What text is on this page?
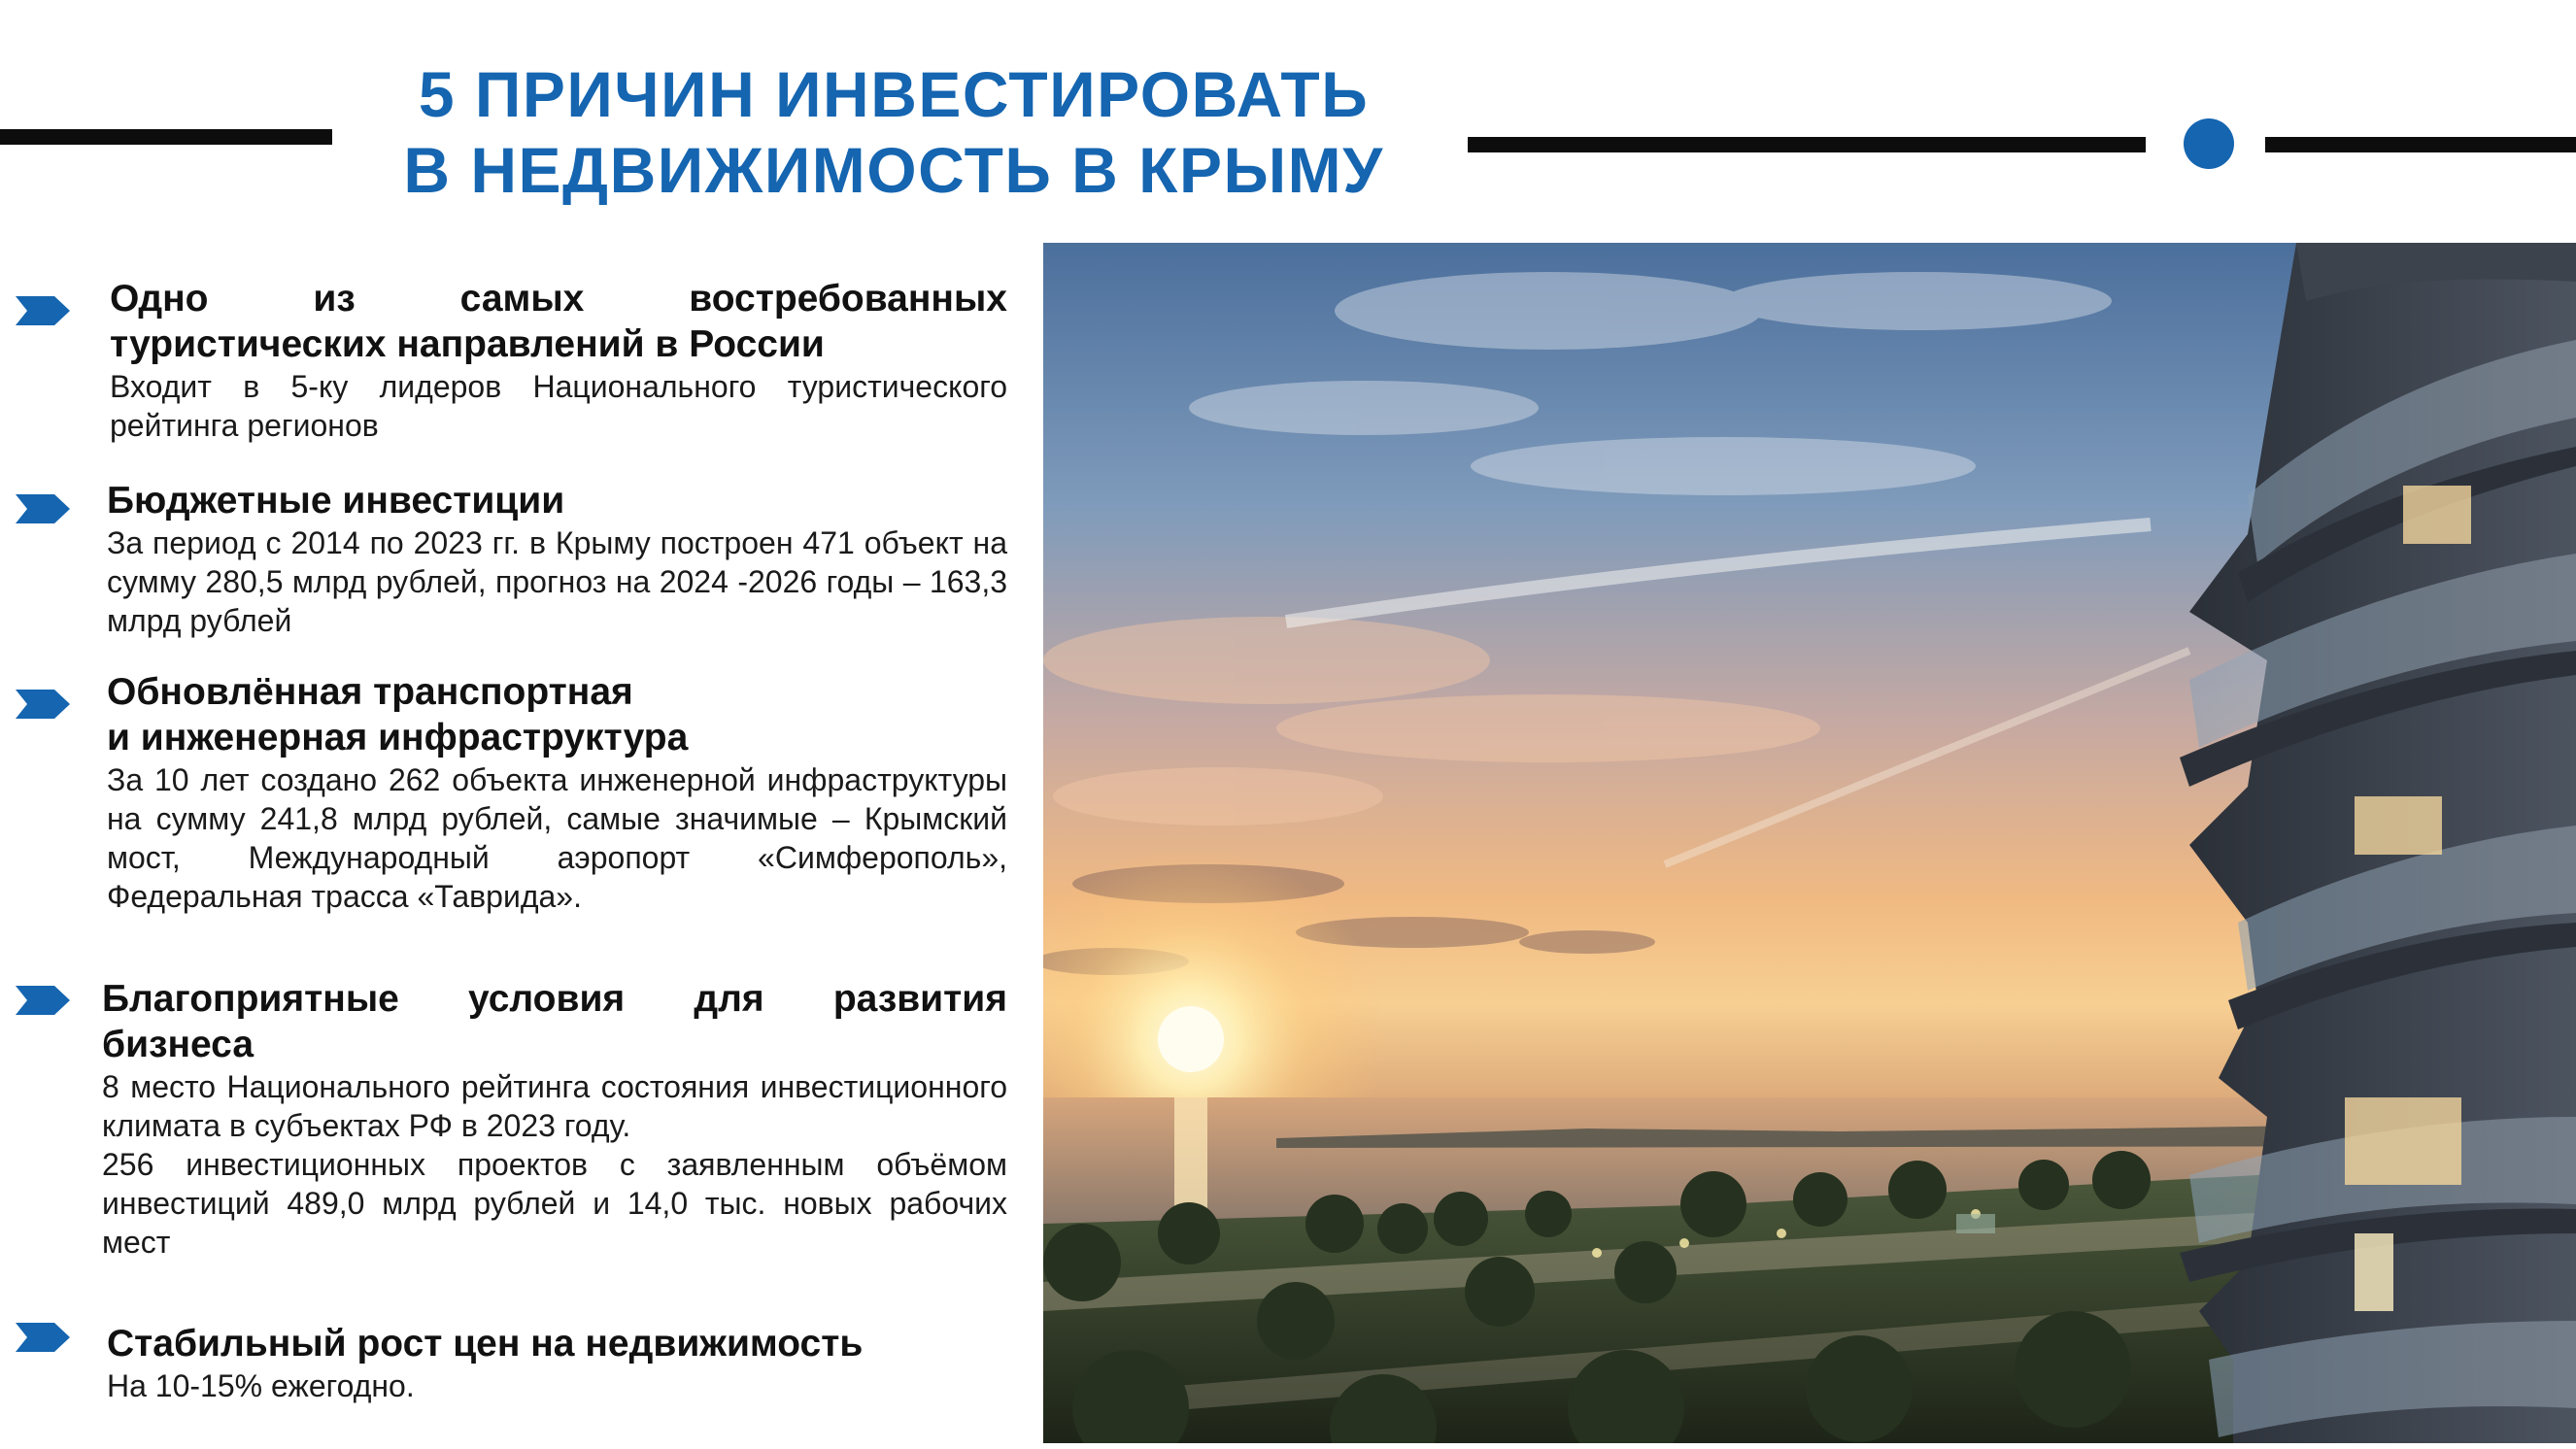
5 ПРИЧИН ИНВЕСТИРОВАТЬ
В НЕДВИЖИМОСТЬ В КРЫМУ
Одно из самых востребованных
туристических направлений в России
Входит в 5-ку лидеров Национального туристического рейтинга регионов
Бюджетные инвестиции
За период с 2014 по 2023 гг. в Крыму построен 471 объект на сумму 280,5 млрд рублей, прогноз на 2024 -2026 годы – 163,3 млрд рублей
Обновлённая транспортная
и инженерная инфраструктура
За 10 лет создано 262 объекта инженерной инфраструктуры на сумму 241,8 млрд рублей, самые значимые – Крымский мост, Международный аэропорт «Симферополь», Федеральная трасса «Таврида».
Благоприятные условия для развития
бизнеса
8 место Национального рейтинга состояния инвестиционного климата в субъектах РФ в 2023 году.
256 инвестиционных проектов с заявленным объёмом инвестиций 489,0 млрд рублей и 14,0 тыс. новых рабочих мест
Стабильный рост цен на недвижимость
На 10-15% ежегодно.
